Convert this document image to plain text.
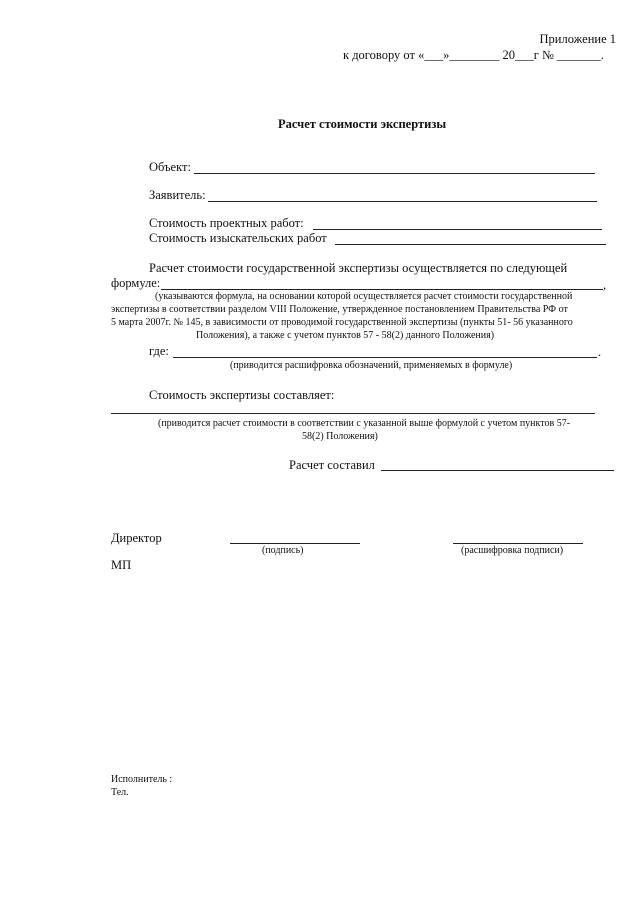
Приложение 1
к договору от «___»________ 20___г № _______.
Расчет стоимости экспертизы
Объект:
Заявитель:
Стоимость проектных работ:
Стоимость изыскательских работ
Расчет стоимости государственной экспертизы осуществляется по следующей
формуле:	,
(указываются формула, на основании которой осуществляется расчет стоимости государственной
экспертизы в соответствии разделом VIII Положение, утвержденное постановлением Правительства РФ от
5 марта 2007г. № 145, в зависимости от проводимой государственной экспертизы (пункты 51- 56 указанного
Положения), а также с учетом пунктов 57 - 58(2) данного Положения)
где:	.
(приводится расшифровка обозначений, применяемых в формуле)
Стоимость экспертизы составляет:
(приводится расчет стоимости в соответствии с указанной выше формулой с учетом пунктов 57-
58(2) Положения)
Расчет составил
Директор
(подпись)	(расшифровка подписи)
МП
Исполнитель :
Тел.
